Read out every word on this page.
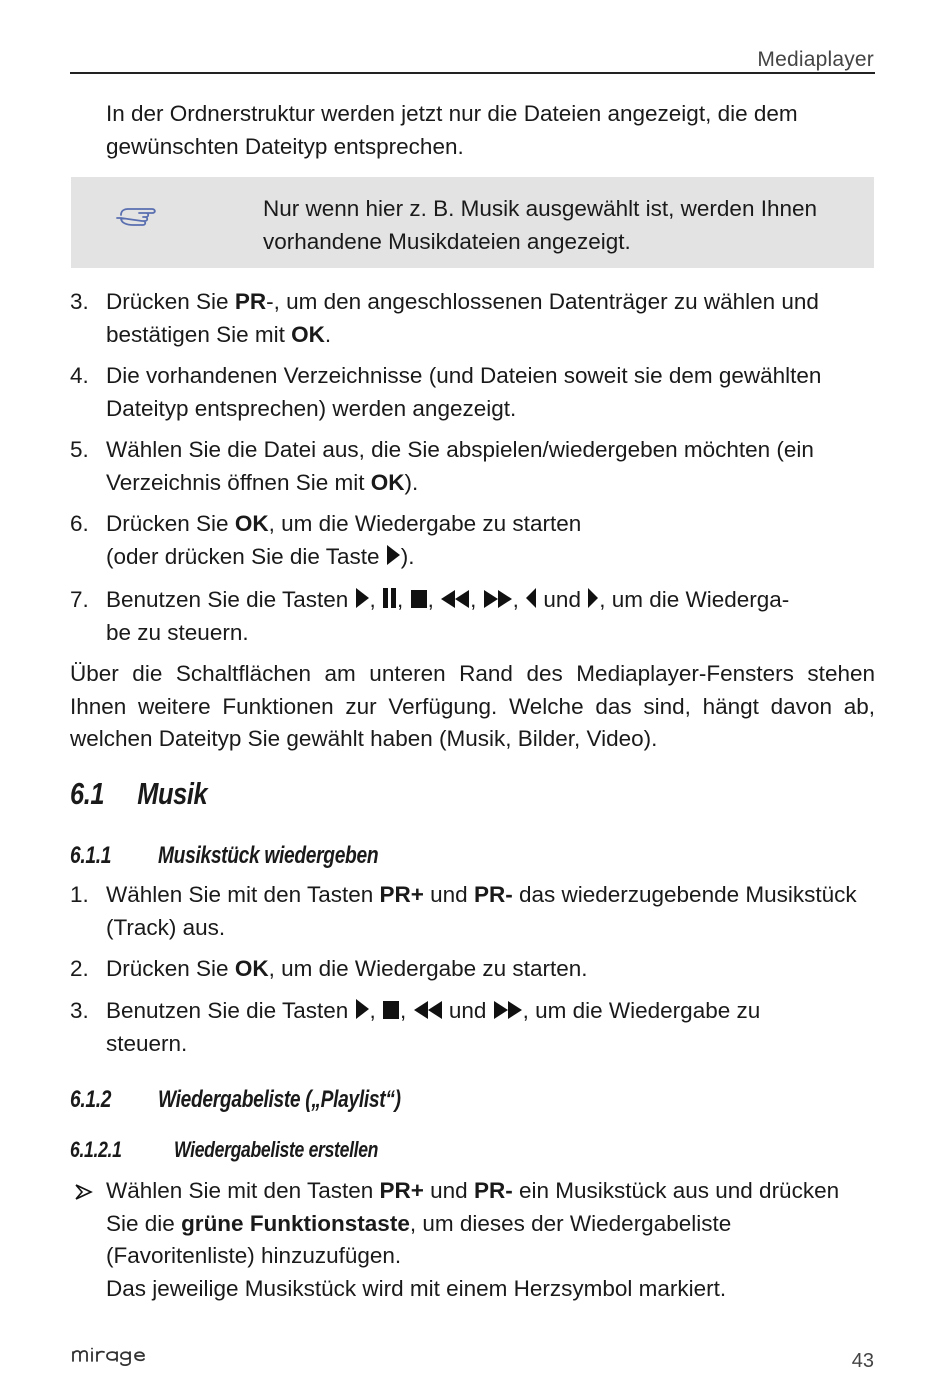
Mediaplayer

In der Ordnerstruktur werden jetzt nur die Dateien angezeigt, die dem gewünschten Dateityp entsprechen.

Nur wenn hier z. B. Musik ausgewählt ist, werden Ihnen vorhandene Musikdateien angezeigt.
3. Drücken Sie PR-, um den angeschlossenen Datenträger zu wählen und bestätigen Sie mit OK.
4. Die vorhandenen Verzeichnisse (und Dateien soweit sie dem gewählten Dateityp entsprechen) werden angezeigt.
5. Wählen Sie die Datei aus, die Sie abspielen/wiedergeben möchten (ein Verzeichnis öffnen Sie mit OK).
6. Drücken Sie OK, um die Wiedergabe zu starten
(oder drücken Sie die Taste ).
7. Benutzen Sie die Tasten , , , , ,  und , um die Wiederga-
be zu steuern.
Über die Schaltflächen am unteren Rand des Mediaplayer-Fensters stehen Ihnen weitere Funktionen zur Verfügung. Welche das sind, hängt davon ab, welchen Dateityp Sie gewählt haben (Musik, Bilder, Video).
6.1 Musik
6.1.1 Musikstück wiedergeben
1. Wählen Sie mit den Tasten PR+ und PR- das wiederzugebende Musikstück (Track) aus.
2. Drücken Sie OK, um die Wiedergabe zu starten.
3. Benutzen Sie die Tasten , ,  und , um die Wiedergabe zu
steuern.
6.1.2 Wiedergabeliste („Playlist“)
6.1.2.1 Wiedergabeliste erstellen
Wählen Sie mit den Tasten PR+ und PR- ein Musikstück aus und drücken Sie die grüne Funktionstaste, um dieses der Wiedergabeliste (Favoritenliste) hinzuzufügen.
Das jeweilige Musikstück wird mit einem Herzsymbol markiert.
43
